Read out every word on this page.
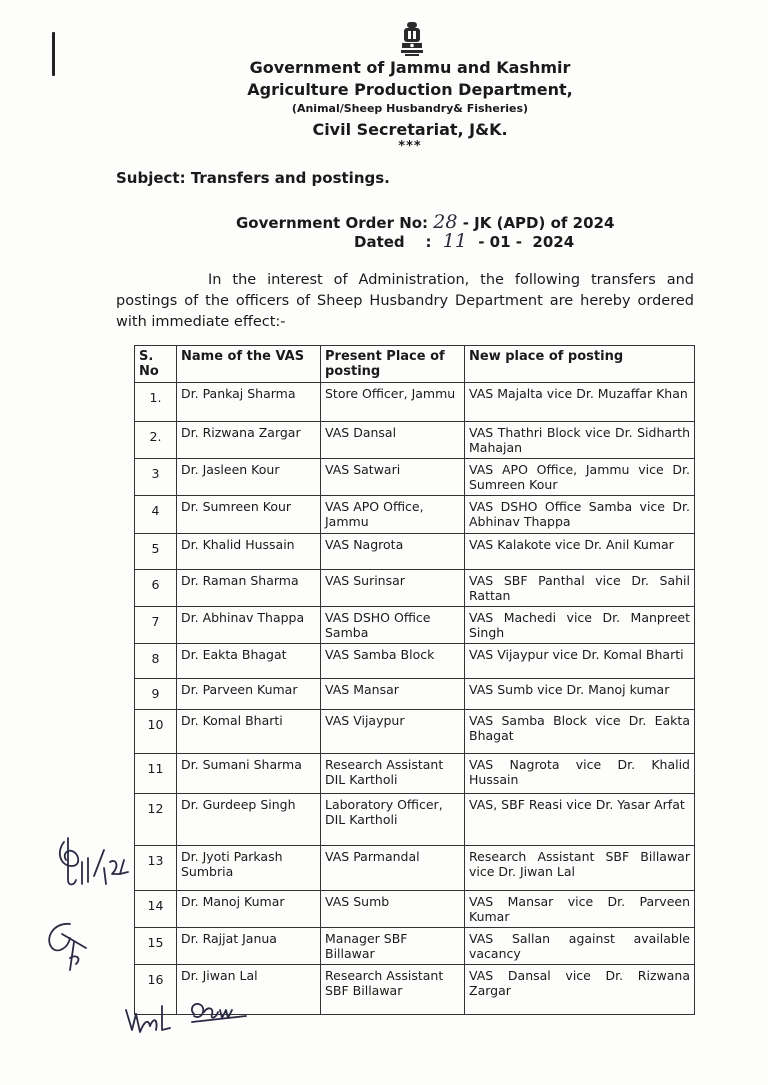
Government of Jammu and Kashmir
Agriculture Production Department,
(Animal/Sheep Husbandry& Fisheries)
Civil Secretariat, J&K.
***
Subject: Transfers and postings.
Government Order No: 28 - JK (APD) of 2024
Dated    : 11 - 01 -  2024
In the interest of Administration, the following transfers and postings of the officers of Sheep Husbandry Department are hereby ordered with immediate effect:-
S. No	Name of the VAS	Present Place of posting	New place of posting
1.	Dr. Pankaj Sharma	Store Officer, Jammu	VAS Majalta vice Dr. Muzaffar Khan
2.	Dr. Rizwana Zargar	VAS Dansal	VAS Thathri Block vice Dr. Sidharth Mahajan
3	Dr. Jasleen Kour	VAS Satwari	VAS APO Office, Jammu vice Dr. Sumreen Kour
4	Dr. Sumreen Kour	VAS APO Office, Jammu	VAS DSHO Office Samba vice Dr. Abhinav Thappa
5	Dr. Khalid Hussain	VAS Nagrota	VAS Kalakote vice Dr. Anil Kumar
6	Dr. Raman Sharma	VAS Surinsar	VAS SBF Panthal vice Dr. Sahil Rattan
7	Dr. Abhinav Thappa	VAS DSHO Office Samba	VAS Machedi vice Dr. Manpreet Singh
8	Dr. Eakta Bhagat	VAS Samba Block	VAS Vijaypur vice Dr. Komal Bharti
9	Dr. Parveen Kumar	VAS Mansar	VAS Sumb vice Dr. Manoj kumar
10	Dr. Komal Bharti	VAS Vijaypur	VAS Samba Block vice Dr. Eakta Bhagat
11	Dr. Sumani Sharma	Research Assistant DIL Kartholi	VAS Nagrota vice Dr. Khalid Hussain
12	Dr. Gurdeep Singh	Laboratory Officer, DIL Kartholi	VAS, SBF Reasi vice Dr. Yasar Arfat
13	Dr. Jyoti Parkash Sumbria	VAS Parmandal	Research Assistant SBF Billawar vice Dr. Jiwan Lal
14	Dr. Manoj Kumar	VAS Sumb	VAS Mansar vice Dr. Parveen Kumar
15	Dr. Rajjat Janua	Manager SBF Billawar	VAS Sallan against available vacancy
16	Dr. Jiwan Lal	Research Assistant SBF Billawar	VAS Dansal vice Dr. Rizwana Zargar
